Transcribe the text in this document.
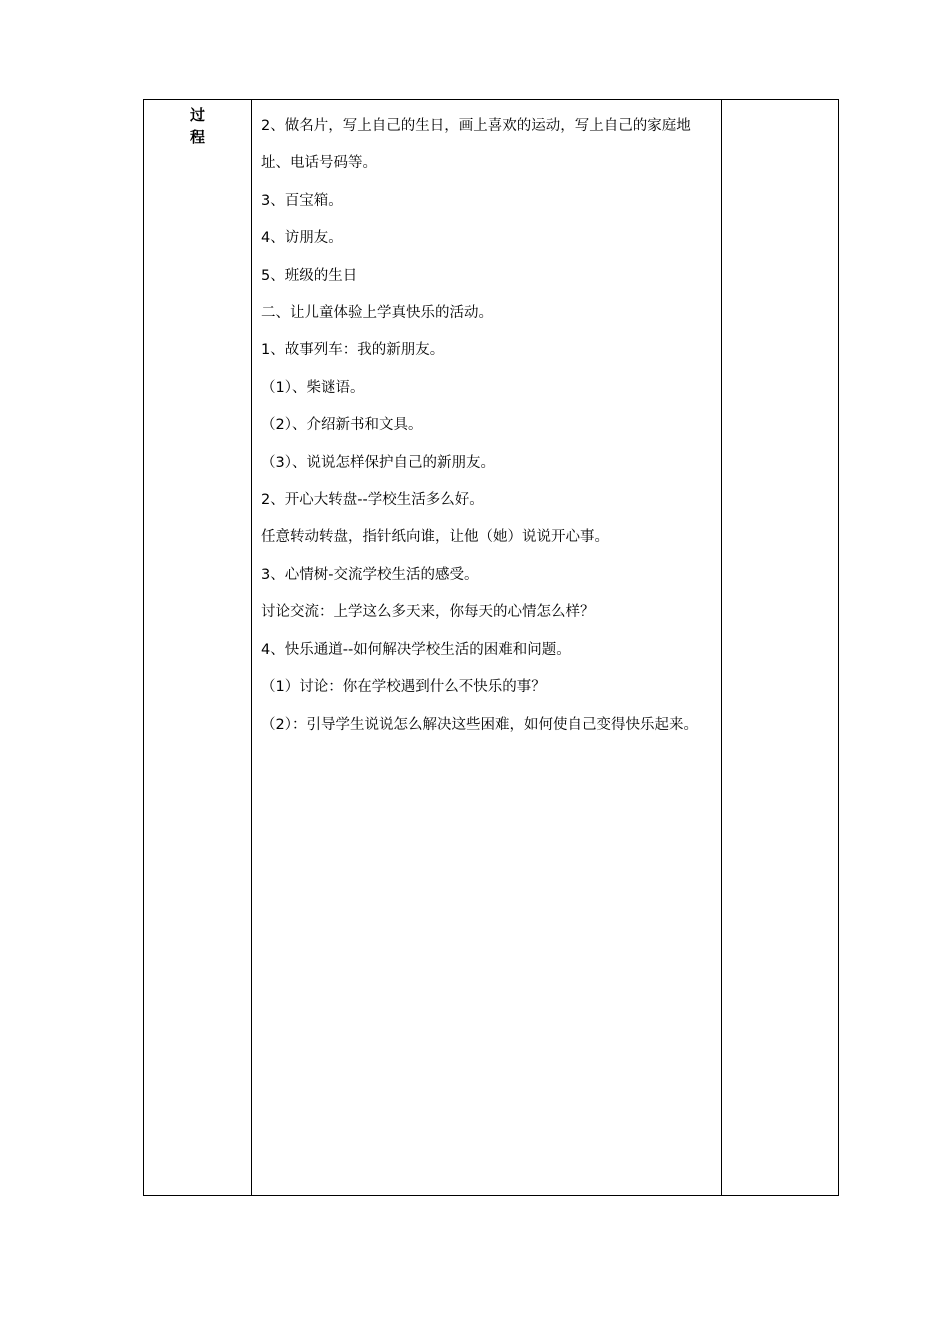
过程

2、做名片，写上自己的生日，画上喜欢的运动，写上自己的家庭地址、电话号码等。

3、百宝箱。

4、访朋友。

5、班级的生日

二、让儿童体验上学真快乐的活动。

1、故事列车：我的新朋友。

（1）、柴谜语。

（2）、介绍新书和文具。

（3）、说说怎样保护自己的新朋友。

2、开心大转盘--学校生活多么好。

任意转动转盘，指针纸向谁，让他（她）说说开心事。

3、心情树-交流学校生活的感受。

讨论交流：上学这么多天来，你每天的心情怎么样？

4、快乐通道--如何解决学校生活的困难和问题。

（1）讨论：你在学校遇到什么不快乐的事？

（2）：引导学生说说怎么解决这些困难，如何使自己变得快乐起来。
